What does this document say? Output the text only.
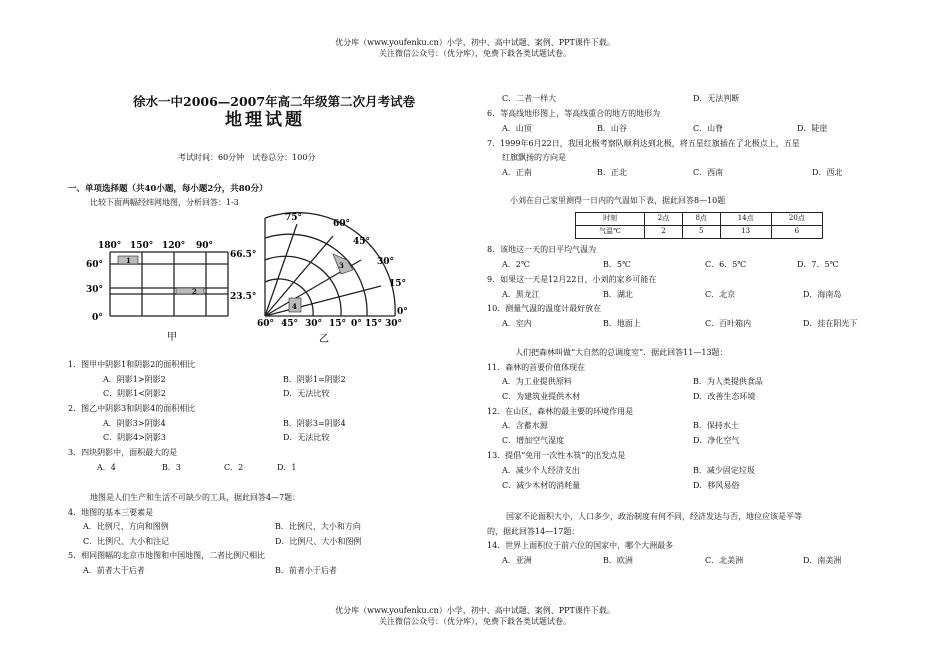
优分库（www.youfenku.cn）小学、初中、高中试题、案例、PPT课件下载。
关注微信公众号：（优分库），免费下载各类试题试卷。
徐水一中2006—2007年高二年级第二次月考试卷
地理试题
考试时间：60分钟　试卷总分：100分
一、单项选择题（共40小题，每小题2分，共80分）
比较下面两幅经纬网地图，分析回答：1-3
1
2
180° 150° 120° 90°
60°
30°
0°
66.5°
23.5°
甲
3
4
75°
60°
45°
30°
15°
0°
60° 45° 30° 15° 0° 15° 30°
乙
1．图甲中阴影1和阴影2的面积相比
A．阴影1>阴影2	B．阴影1=阴影2
C．阴影1<阴影2	D．无法比较
2．图乙中阴影3和阴影4的面积相比
A．阴影3>阴影4	B．阴影3=阴影4
C．阴影4>阴影3	D．无法比较
3．四块阴影中，面积最大的是
A．4	B．3	C．2	D．1
地图是人们生产和生活不可缺少的工具，据此回答4—7题：
4．地图的基本三要素是
A．比例尺、方向和图例	B．比例尺、大小和方向
C．比例尺、大小和注记	D．比例尺、大小和图例
5．相同图幅的北京市地图和中国地图，二者比例尺相比
A．前者大于后者	B．前者小于后者
C．二者一样大	D．无法判断
6．等高线地形图上，等高线重合的地方的地形为
A．山顶	B．山谷	C．山脊	D．陡崖
7．1999年6月22日，我国北极考察队顺利达到北极，将五星红旗插在了北极点上，五星
红旗飘扬的方向是
A．正南	B．正北	C．西南	D．西北
小刘在自己家里测得一日内的气温如下表，据此回答8—10题
时刻	2点	8点	14点	20点
气温℃	2	5	13	6
8．该地这一天的日平均气温为
A．2℃	B．5℃	C．6．5℃	D．7．5℃
9．如果这一天是12月22日，小刘的家乡可能在
A．黑龙江	B．湖北	C．北京	D．海南岛
10．测量气温的温度计最好放在
A．室内	B．地面上	C．百叶箱内	D．挂在阳光下
人们把森林叫做“大自然的总调度室”．据此回答11—13题：
11．森林的首要价值体现在
A．为工业提供原料	B．为人类提供食品
C．为建筑业提供木材	D．改善生态环境
12．在山区，森林的最主要的环境作用是
A．含蓄水源	B．保持水土
C．增加空气湿度	D．净化空气
13．提倡“免用一次性木筷”的出发点是
A．减少个人经济支出	B．减少固定垃圾
C．减少木材的消耗量	D．移风易俗
国家不论面积大小，人口多少，政治制度有何不同，经济发达与否，地位应该是平等
的，据此回答14—17题：
14．世界上面积位于前六位的国家中，哪个大洲最多
A．亚洲	B．欧洲	C．北美洲	D．南美洲
优分库（www.youfenku.cn）小学、初中、高中试题、案例、PPT课件下载。
关注微信公众号：（优分库），免费下载各类试题试卷。
